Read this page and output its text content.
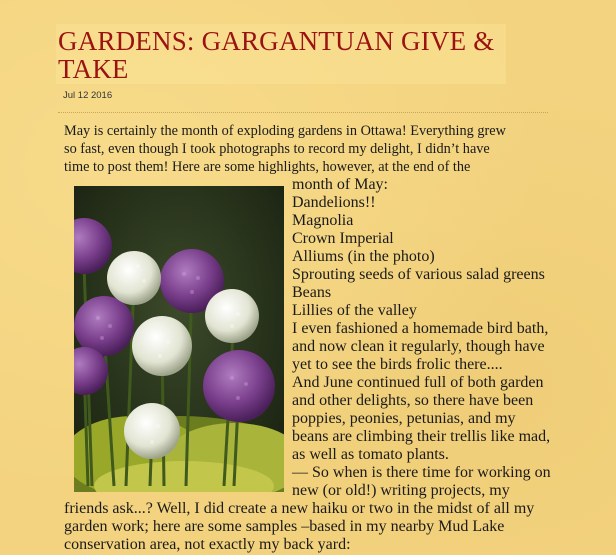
GARDENS: GARGANTUAN GIVE & TAKE

Jul 12 2016

May is certainly the month of exploding gardens in Ottawa! Everything grew

so fast, even though I took photographs to record my delight, I didn’t have

time to post them! Here are some highlights, however, at the end of the

month of May:

Dandelions!!

Magnolia

Crown Imperial

Alliums (in the photo)

Sprouting seeds of various salad greens

Beans

Lillies of the valley

I even fashioned a homemade bird bath,

and now clean it regularly, though have

yet to see the birds frolic there....

And June continued full of both garden

and other delights, so there have been

poppies, peonies, petunias, and my

beans are climbing their trellis like mad,

as well as tomato plants.

— So when is there time for working on

new (or old!) writing projects, my

friends ask...? Well, I did create a new haiku or two in the midst of all my

garden work; here are some samples –based in my nearby Mud Lake

conservation area, not exactly my back yard:
